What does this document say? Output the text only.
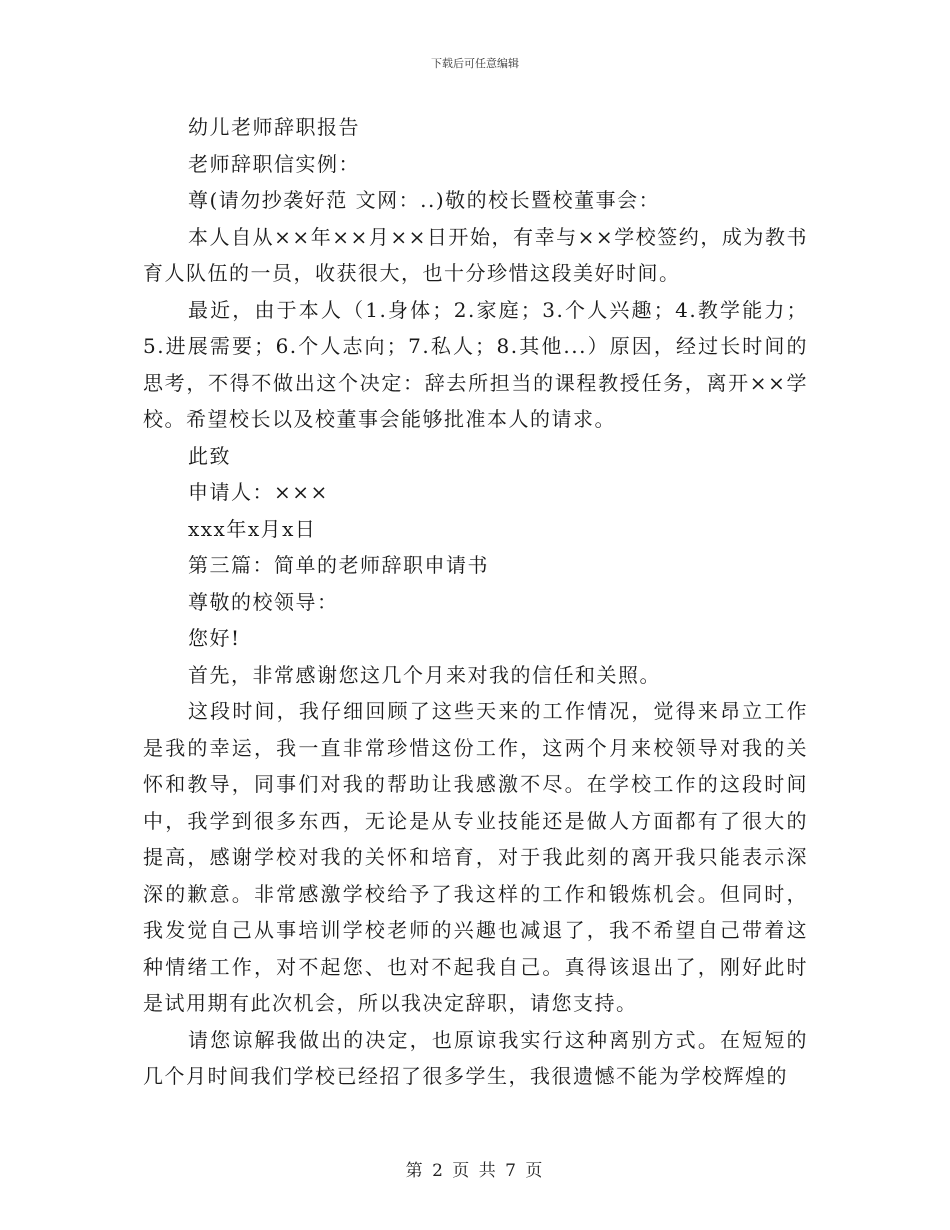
下载后可任意编辑

幼儿老师辞职报告

老师辞职信实例：

尊(请勿抄袭好范 文网：..)敬的校长暨校董事会：

本人自从××年××月××日开始，有幸与××学校签约，成为教书育人队伍的一员，收获很大，也十分珍惜这段美好时间。

最近，由于本人（1.身体；2.家庭；3.个人兴趣；4.教学能力；5.进展需要；6.个人志向；7.私人；8.其他...）原因，经过长时间的思考，不得不做出这个决定：辞去所担当的课程教授任务，离开××学校。希望校长以及校董事会能够批准本人的请求。

此致

申请人：×××

xxx年x月x日

第三篇：简单的老师辞职申请书

尊敬的校领导：

您好!

首先，非常感谢您这几个月来对我的信任和关照。

这段时间，我仔细回顾了这些天来的工作情况，觉得来昂立工作是我的幸运，我一直非常珍惜这份工作，这两个月来校领导对我的关怀和教导，同事们对我的帮助让我感激不尽。在学校工作的这段时间中，我学到很多东西，无论是从专业技能还是做人方面都有了很大的提高，感谢学校对我的关怀和培育，对于我此刻的离开我只能表示深深的歉意。非常感激学校给予了我这样的工作和锻炼机会。但同时，我发觉自己从事培训学校老师的兴趣也减退了，我不希望自己带着这种情绪工作，对不起您、也对不起我自己。真得该退出了，刚好此时是试用期有此次机会，所以我决定辞职，请您支持。

请您谅解我做出的决定，也原谅我实行这种离别方式。在短短的几个月时间我们学校已经招了很多学生，我很遗憾不能为学校辉煌的

第 2 页 共 7 页
